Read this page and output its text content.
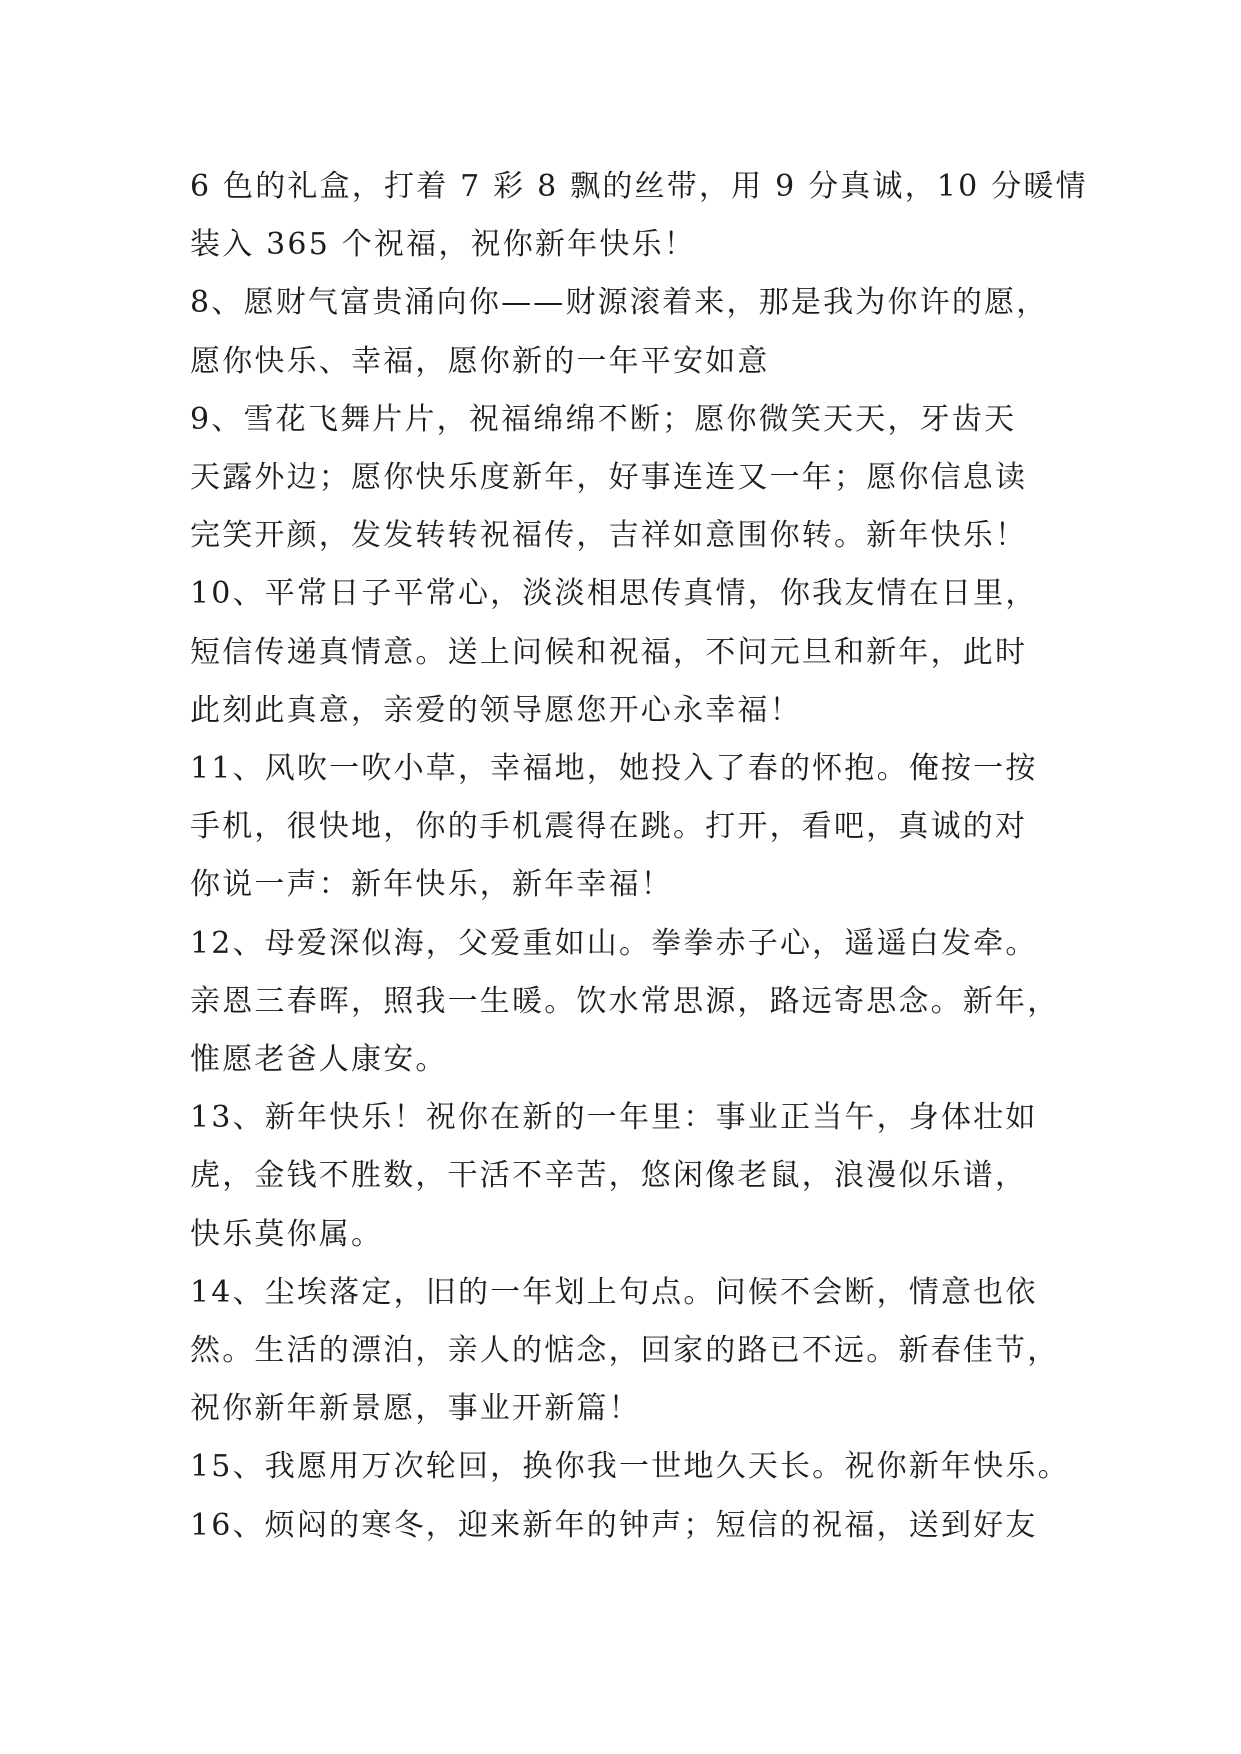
6 色的礼盒，打着 7 彩 8 飘的丝带，用 9 分真诚，10 分暖情
装入 365 个祝福，祝你新年快乐！
8、愿财气富贵涌向你——财源滚着来，那是我为你许的愿，
愿你快乐、幸福，愿你新的一年平安如意
9、雪花飞舞片片，祝福绵绵不断；愿你微笑天天，牙齿天
天露外边；愿你快乐度新年，好事连连又一年；愿你信息读
完笑开颜，发发转转祝福传，吉祥如意围你转。新年快乐！
10、平常日子平常心，淡淡相思传真情，你我友情在日里，
短信传递真情意。送上问候和祝福，不问元旦和新年，此时
此刻此真意，亲爱的领导愿您开心永幸福！
11、风吹一吹小草，幸福地，她投入了春的怀抱。俺按一按
手机，很快地，你的手机震得在跳。打开，看吧，真诚的对
你说一声：新年快乐，新年幸福！
12、母爱深似海，父爱重如山。拳拳赤子心，遥遥白发牵。
亲恩三春晖，照我一生暖。饮水常思源，路远寄思念。新年，
惟愿老爸人康安。
13、新年快乐！祝你在新的一年里：事业正当午，身体壮如
虎，金钱不胜数，干活不辛苦，悠闲像老鼠，浪漫似乐谱，
快乐莫你属。
14、尘埃落定，旧的一年划上句点。问候不会断，情意也依
然。生活的漂泊，亲人的惦念，回家的路已不远。新春佳节，
祝你新年新景愿，事业开新篇！
15、我愿用万次轮回，换你我一世地久天长。祝你新年快乐。
16、烦闷的寒冬，迎来新年的钟声；短信的祝福，送到好友
